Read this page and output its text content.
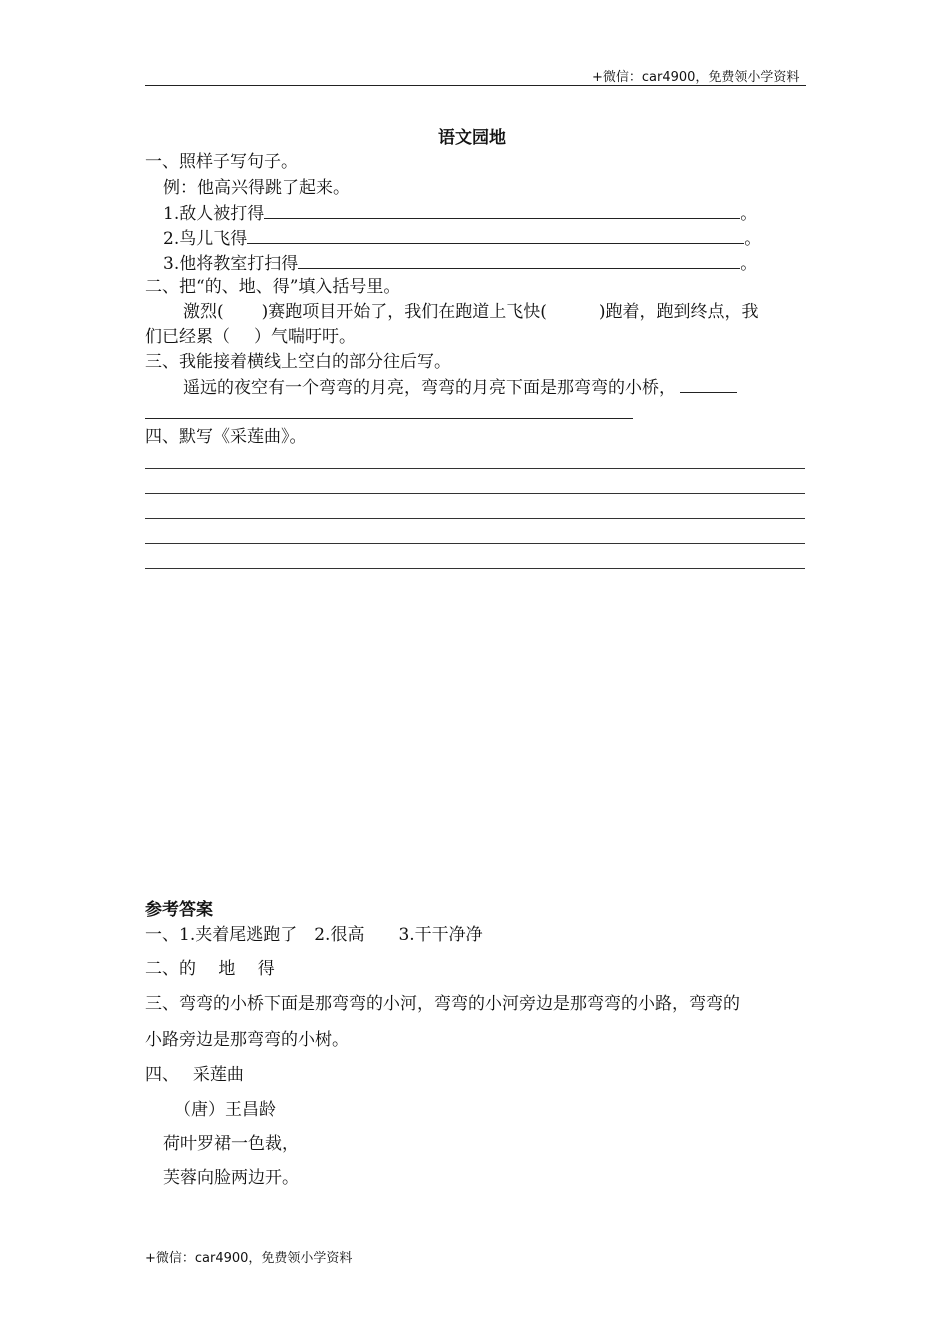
+微信：car4900，免费领小学资料
语文园地
一、照样子写句子。
例：他高兴得跳了起来。
1.敌人被打得	。
2.鸟儿飞得	。
3.他将教室打扫得	。
二、把“的、地、得”填入括号里。
激烈( )赛跑项目开始了，我们在跑道上飞快(	)跑着，跑到终点，我
们已经累（ ）气喘吁吁。
三、我能接着横线上空白的部分往后写。
遥远的夜空有一个弯弯的月亮，弯弯的月亮下面是那弯弯的小桥，
四、默写《采莲曲》。
参考答案
一、1.夹着尾逃跑了　2.很高　　3.干干净净
二、的　 地　 得
三、弯弯的小桥下面是那弯弯的小河，弯弯的小河旁边是那弯弯的小路，弯弯的
小路旁边是那弯弯的小树。
四、　 采莲曲
（唐）王昌龄
荷叶罗裙一色裁，
芙蓉向脸两边开。
+微信：car4900，免费领小学资料
